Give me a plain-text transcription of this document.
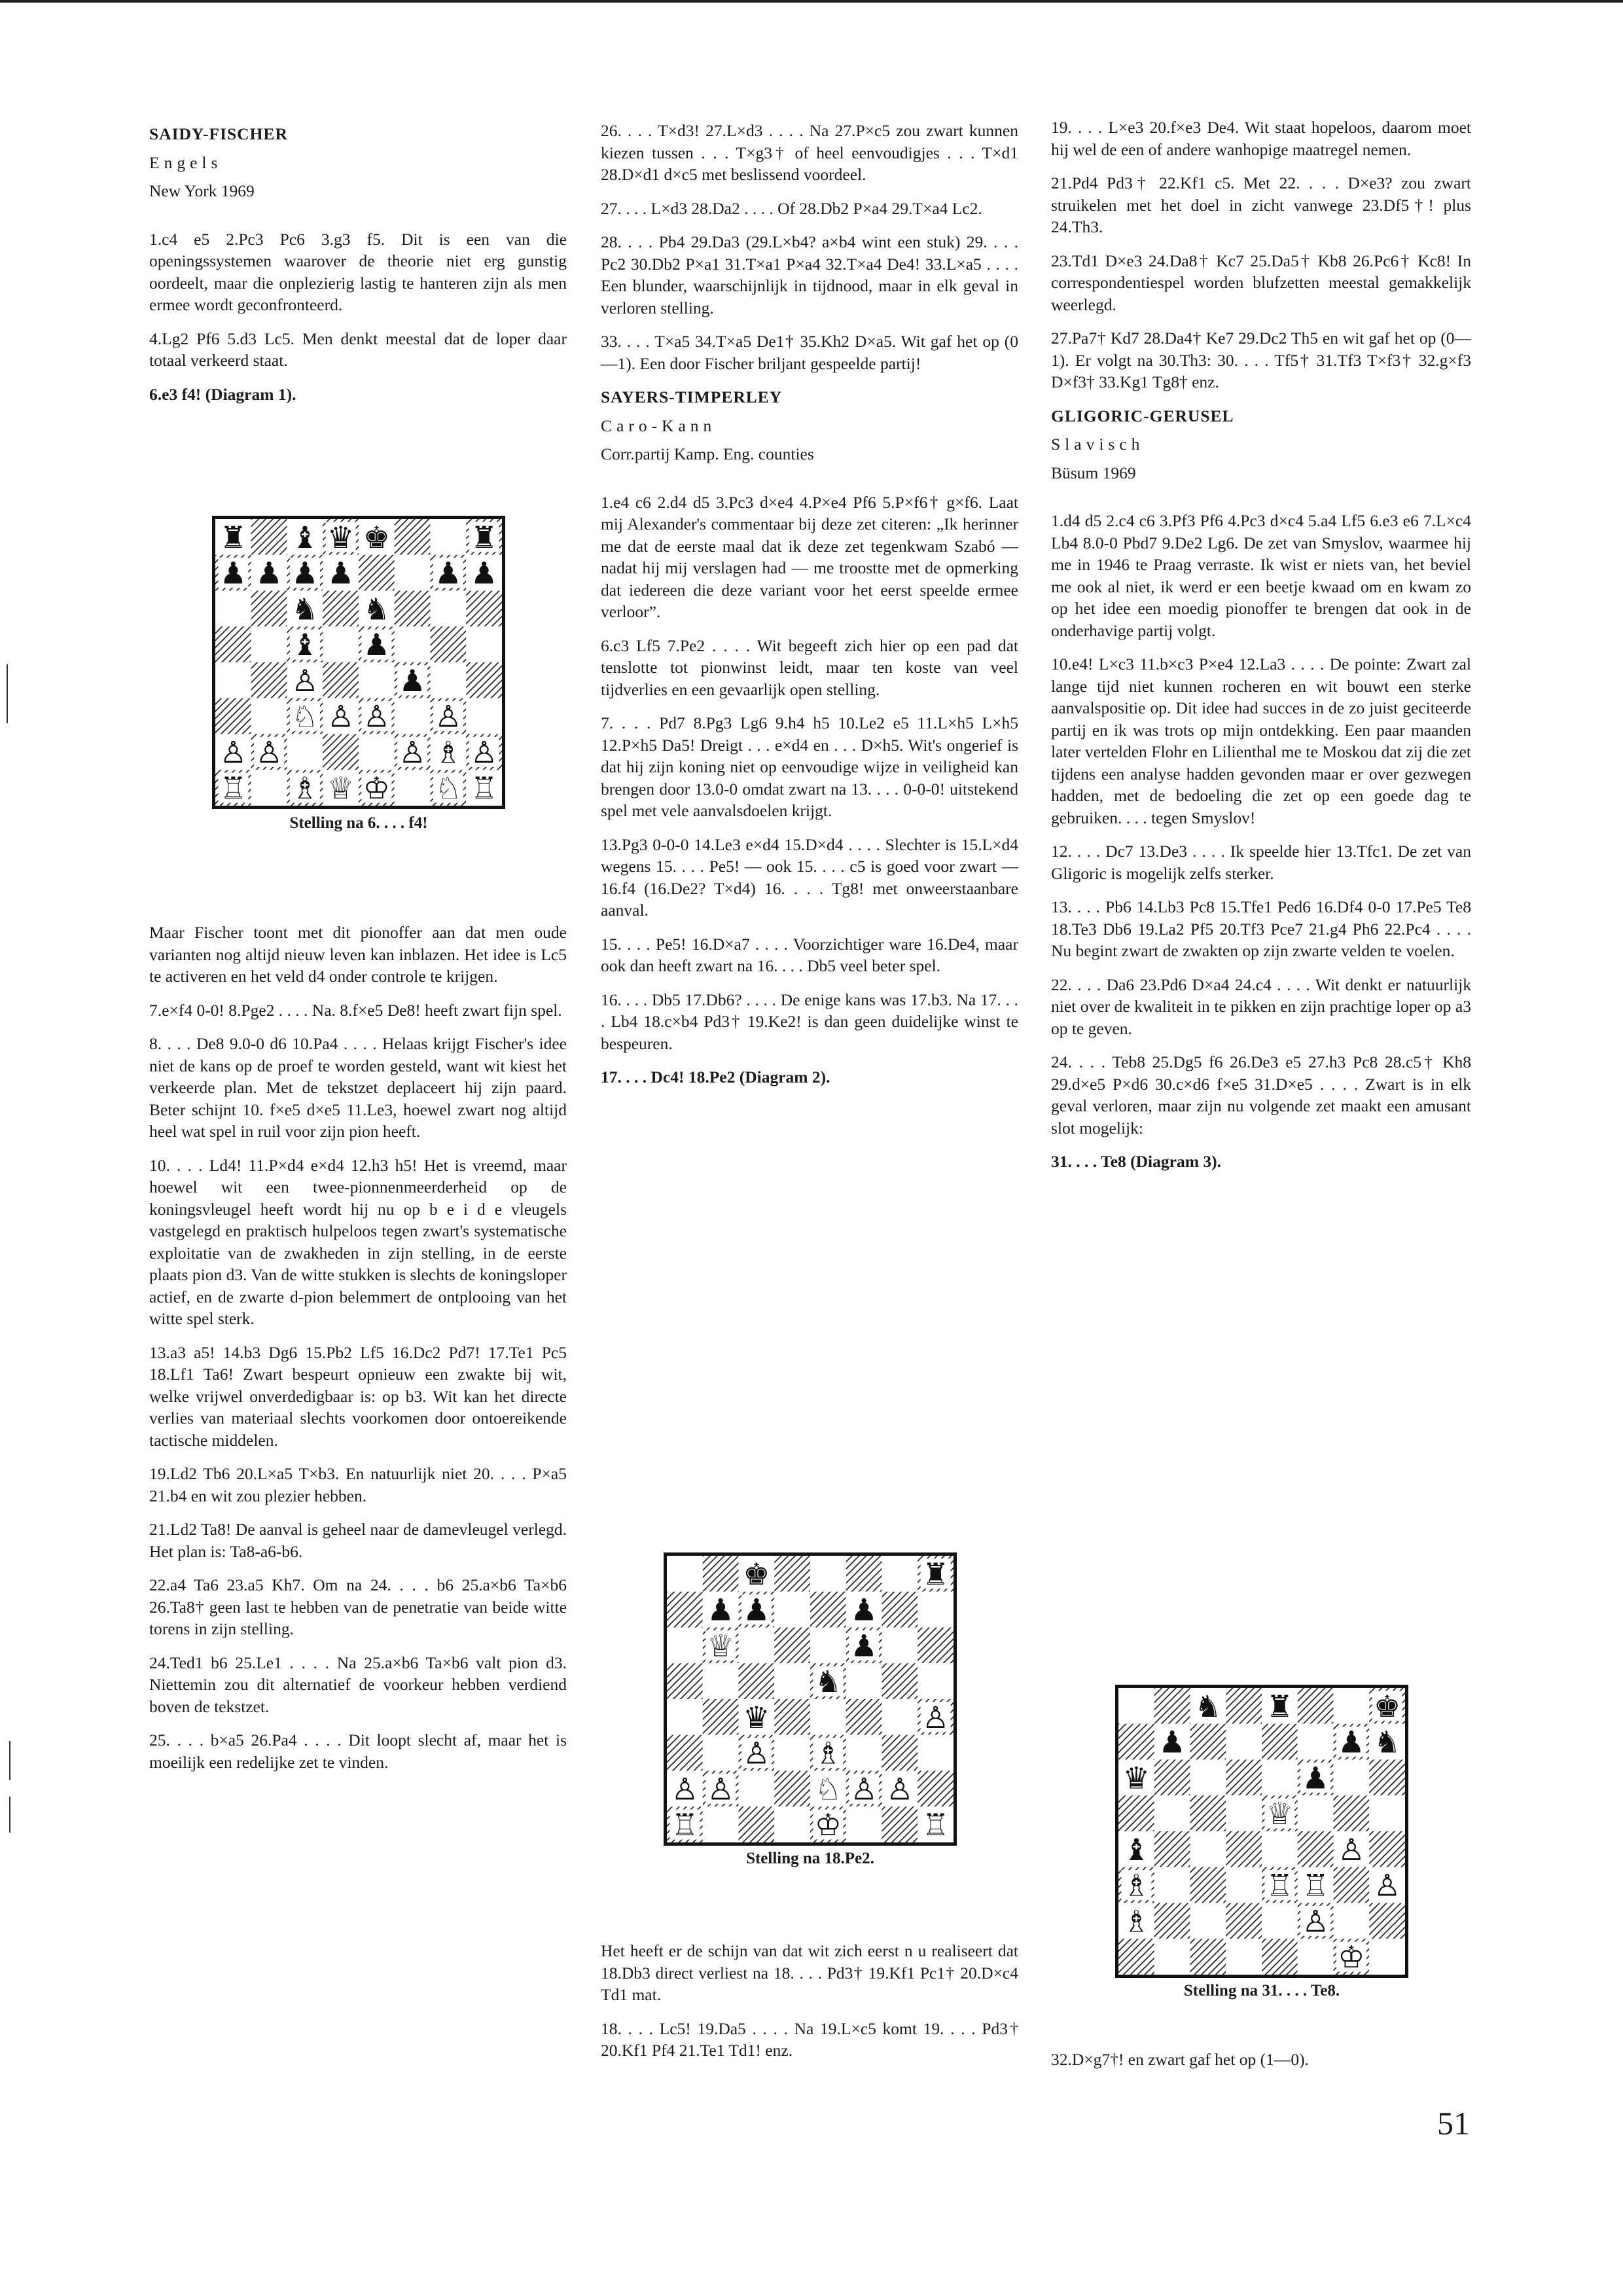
SAIDY-FISCHER

Engels

New York 1969

1.c4 e5 2.Pc3 Pc6 3.g3 f5. Dit is een van die openingssystemen waarover de theorie niet erg gunstig oordeelt, maar die onplezierig lastig te hanteren zijn als men ermee wordt geconfronteerd.

4.Lg2 Pf6 5.d3 Lc5. Men denkt meestal dat de loper daar totaal verkeerd staat.

6.e3 f4! (Diagram 1).

Maar Fischer toont met dit pionoffer aan dat men oude varianten nog altijd nieuw leven kan inblazen. Het idee is Lc5 te activeren en het veld d4 onder controle te krijgen.

7.e×f4 0-0! 8.Pge2 . . . . Na. 8.f×e5 De8! heeft zwart fijn spel.

8. . . . De8 9.0-0 d6 10.Pa4 . . . . Helaas krijgt Fischer's idee niet de kans op de proef te worden gesteld, want wit kiest het verkeerde plan. Met de tekstzet deplaceert hij zijn paard. Beter schijnt 10. f×e5 d×e5 11.Le3, hoewel zwart nog altijd heel wat spel in ruil voor zijn pion heeft.

10. . . . Ld4! 11.P×d4 e×d4 12.h3 h5! Het is vreemd, maar hoewel wit een twee-pionnenmeerderheid op de koningsvleugel heeft wordt hij nu op b e i d e vleugels vastgelegd en praktisch hulpeloos tegen zwart's systematische exploitatie van de zwakheden in zijn stelling, in de eerste plaats pion d3. Van de witte stukken is slechts de koningsloper actief, en de zwarte d-pion belemmert de ontplooing van het witte spel sterk.

13.a3 a5! 14.b3 Dg6 15.Pb2 Lf5 16.Dc2 Pd7! 17.Te1 Pc5 18.Lf1 Ta6! Zwart bespeurt opnieuw een zwakte bij wit, welke vrijwel onverdedigbaar is: op b3. Wit kan het directe verlies van materiaal slechts voorkomen door ontoereikende tactische middelen.

19.Ld2 Tb6 20.L×a5 T×b3. En natuurlijk niet 20. . . . P×a5 21.b4 en wit zou plezier hebben.

21.Ld2 Ta8! De aanval is geheel naar de damevleugel verlegd. Het plan is: Ta8-a6-b6.

22.a4 Ta6 23.a5 Kh7. Om na 24. . . . b6 25.a×b6 Ta×b6 26.Ta8† geen last te hebben van de penetratie van beide witte torens in zijn stelling.

24.Ted1 b6 25.Le1 . . . . Na 25.a×b6 Ta×b6 valt pion d3. Niettemin zou dit alternatief de voorkeur hebben verdiend boven de tekstzet.

25. . . . b×a5 26.Pa4 . . . . Dit loopt slecht af, maar het is moeilijk een redelijke zet te vinden.

♜ ♝ ♛ ♚	♜
♟ ♟ ♟ ♟	♟ ♟
♞ ♞
♝ ♟
♙	♟
♘ ♙ ♙ ♙
♙ ♙	♙ ♗ ♙
♖ ♗ ♕ ♔ ♘ ♖
Stelling na 6. . . . f4!

26. . . . T×d3! 27.L×d3 . . . . Na 27.P×c5 zou zwart kunnen kiezen tussen . . . T×g3† of heel eenvoudigjes . . . T×d1 28.D×d1 d×c5 met beslissend voordeel.

27. . . . L×d3 28.Da2 . . . . Of 28.Db2 P×a4 29.T×a4 Lc2.

28. . . . Pb4 29.Da3 (29.L×b4? a×b4 wint een stuk) 29. . . . Pc2 30.Db2 P×a1 31.T×a1 P×a4 32.T×a4 De4! 33.L×a5 . . . . Een blunder, waarschijnlijk in tijdnood, maar in elk geval in verloren stelling.

33. . . . T×a5 34.T×a5 De1† 35.Kh2 D×a5. Wit gaf het op (0—1). Een door Fischer briljant gespeelde partij!

SAYERS-TIMPERLEY

Caro-Kann

Corr.partij Kamp. Eng. counties

1.e4 c6 2.d4 d5 3.Pc3 d×e4 4.P×e4 Pf6 5.P×f6† g×f6. Laat mij Alexander's commentaar bij deze zet citeren: „Ik herinner me dat de eerste maal dat ik deze zet tegenkwam Szabó — nadat hij mij verslagen had — me troostte met de opmerking dat iedereen die deze variant voor het eerst speelde ermee verloor”.

6.c3 Lf5 7.Pe2 . . . . Wit begeeft zich hier op een pad dat tenslotte tot pionwinst leidt, maar ten koste van veel tijdverlies en een gevaarlijk open stelling.

7. . . . Pd7 8.Pg3 Lg6 9.h4 h5 10.Le2 e5 11.L×h5 L×h5 12.P×h5 Da5! Dreigt . . . e×d4 en . . . D×h5. Wit's ongerief is dat hij zijn koning niet op eenvoudige wijze in veiligheid kan brengen door 13.0-0 omdat zwart na 13. . . . 0-0-0! uitstekend spel met vele aanvalsdoelen krijgt.

13.Pg3 0-0-0 14.Le3 e×d4 15.D×d4 . . . . Slechter is 15.L×d4 wegens 15. . . . Pe5! — ook 15. . . . c5 is goed voor zwart — 16.f4 (16.De2? T×d4) 16. . . . Tg8! met onweerstaanbare aanval.

15. . . . Pe5! 16.D×a7 . . . . Voorzichtiger ware 16.De4, maar ook dan heeft zwart na 16. . . . Db5 veel beter spel.

16. . . . Db5 17.Db6? . . . . De enige kans was 17.b3. Na 17. . . . Lb4 18.c×b4 Pd3† 19.Ke2! is dan geen duidelijke winst te bespeuren.

17. . . . Dc4! 18.Pe2 (Diagram 2).

♚	♜
♟ ♟	♟
♕	♟
♞
♛
♙ ♗
♙
♙ ♙	♘ ♙ ♙
♖	♔	♖
Stelling na 18.Pe2.

Het heeft er de schijn van dat wit zich eerst n u realiseert dat 18.Db3 direct verliest na 18. . . . Pd3† 19.Kf1 Pc1† 20.D×c4 Td1 mat.

18. . . . Lc5! 19.Da5 . . . . Na 19.L×c5 komt 19. . . . Pd3† 20.Kf1 Pf4 21.Te1 Td1! enz.

19. . . . L×e3 20.f×e3 De4. Wit staat hopeloos, daarom moet hij wel de een of andere wanhopige maatregel nemen.

21.Pd4 Pd3† 22.Kf1 c5. Met 22. . . . D×e3? zou zwart struikelen met het doel in zicht vanwege 23.Df5†! plus 24.Th3.

23.Td1 D×e3 24.Da8† Kc7 25.Da5† Kb8 26.Pc6† Kc8! In correspondentiespel worden blufzetten meestal gemakkelijk weerlegd.

27.Pa7† Kd7 28.Da4† Ke7 29.Dc2 Th5 en wit gaf het op (0—1). Er volgt na 30.Th3: 30. . . . Tf5† 31.Tf3 T×f3† 32.g×f3 D×f3† 33.Kg1 Tg8† enz.

GLIGORIC-GERUSEL

Slavisch

Büsum 1969

1.d4 d5 2.c4 c6 3.Pf3 Pf6 4.Pc3 d×c4 5.a4 Lf5 6.e3 e6 7.L×c4 Lb4 8.0-0 Pbd7 9.De2 Lg6. De zet van Smyslov, waarmee hij me in 1946 te Praag verraste. Ik wist er niets van, het beviel me ook al niet, ik werd er een beetje kwaad om en kwam zo op het idee een moedig pionoffer te brengen dat ook in de onderhavige partij volgt.

10.e4! L×c3 11.b×c3 P×e4 12.La3 . . . . De pointe: Zwart zal lange tijd niet kunnen rocheren en wit bouwt een sterke aanvalspositie op. Dit idee had succes in de zo juist geciteerde partij en ik was trots op mijn ontdekking. Een paar maanden later vertelden Flohr en Lilienthal me te Moskou dat zij die zet tijdens een analyse hadden gevonden maar er over gezwegen hadden, met de bedoeling die zet op een goede dag te gebruiken. . . . tegen Smyslov!

12. . . . Dc7 13.De3 . . . . Ik speelde hier 13.Tfc1. De zet van Gligoric is mogelijk zelfs sterker.

13. . . . Pb6 14.Lb3 Pc8 15.Tfe1 Ped6 16.Df4 0-0 17.Pe5 Te8 18.Te3 Db6 19.La2 Pf5 20.Tf3 Pce7 21.g4 Ph6 22.Pc4 . . . . Nu begint zwart de zwakten op zijn zwarte velden te voelen.

22. . . . Da6 23.Pd6 D×a4 24.c4 . . . . Wit denkt er natuurlijk niet over de kwaliteit in te pikken en zijn prachtige loper op a3 op te geven.

24. . . . Teb8 25.Dg5 f6 26.De3 e5 27.h3 Pc8 28.c5† Kh8 29.d×e5 P×d6 30.c×d6 f×e5 31.D×e5 . . . . Zwart is in elk geval verloren, maar zijn nu volgende zet maakt een amusant slot mogelijk:

31. . . . Te8 (Diagram 3).

♞ ♜	♚
♟	♟ ♞
♛	♟
♕
♝	♙
♗	♖ ♙
♗
♖
♙
♔
Stelling na 31. . . . Te8.

32.D×g7†! en zwart gaf het op (1—0).

51
